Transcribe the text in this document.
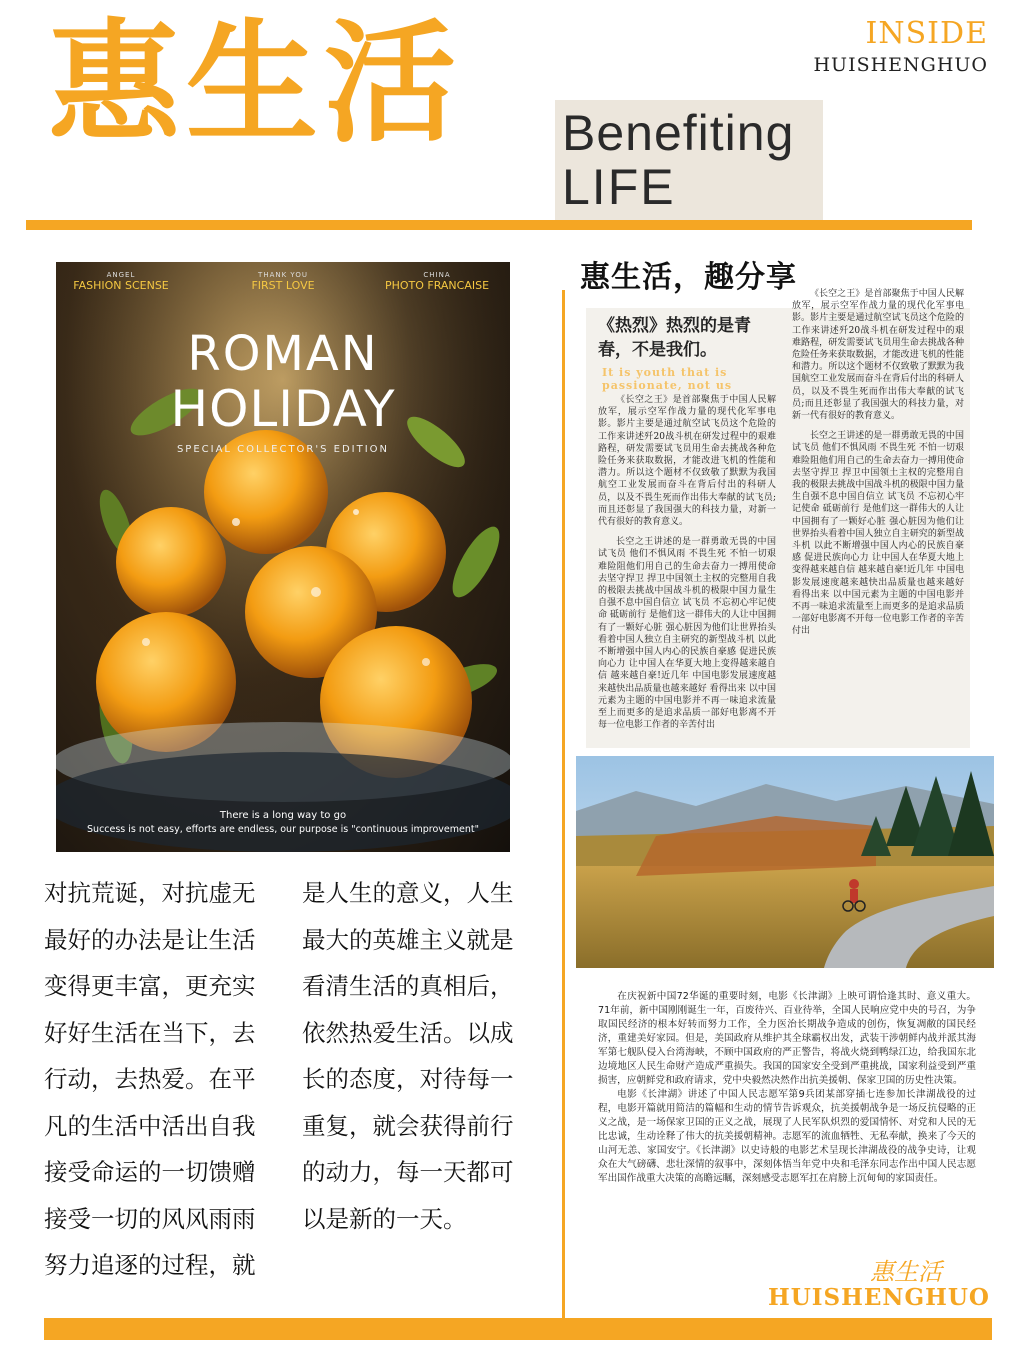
惠生活	INSIDE
HUISHENGHUO
Benefiting
LIFE
ANGEL
FASHION SCENSE
THANK YOU
FIRST LOVE
CHINA
PHOTO FRANCAISE
ROMAN
HOLIDAY
SPECIAL COLLECTOR'S EDITION
There is a long way to go
Success is not easy, efforts are endless, our purpose is "continuous improvement"

对抗荒诞，对抗虚无

最好的办法是让生活

变得更丰富，更充实

好好生活在当下，去

行动，去热爱。在平

凡的生活中活出自我

接受命运的一切馈赠

接受一切的风风雨雨

努力追逐的过程，就

是人生的意义，人生

最大的英雄主义就是

看清生活的真相后，

依然热爱生活。以成

长的态度，对待每一

重复，就会获得前行

的动力，每一天都可

以是新的一天。

惠生活，趣分享
《热烈》热烈的是青春，不是我们。
It is youth that is passionate, not us

《长空之王》是首部聚焦于中国人民解放军，展示空军作战力量的现代化军事电影。影片主要是通过航空试飞员这个危险的工作来讲述歼20战斗机在研发过程中的艰难路程，研发需要试飞员用生命去挑战各种危险任务来获取数据，才能改进飞机的性能和潜力。所以这个题材不仅致敬了默默为我国航空工业发展而奋斗在背后付出的科研人员，以及不畏生死而作出伟大奉献的试飞员;而且还彰显了我国强大的科技力量，对新一代有很好的教育意义。

长空之王讲述的是一群勇敢无畏的中国试飞员 他们不惧风雨 不畏生死 不怕一切艰难险阻他们用自己的生命去奋力一搏用使命去坚守捍卫 捍卫中国领土主权的完整用自我的极限去挑战中国战斗机的极限中国力量生自强不息中国自信立 试飞员 不忘初心牢记使命 砥砺前行 是他们这一群伟大的人让中国拥有了一颗好心脏 强心脏因为他们让世界抬头看着中国人独立自主研究的新型战斗机 以此不断增强中国人内心的民族自豪感 促进民族向心力 让中国人在华夏大地上变得越来越自信 越来越自豪!近几年 中国电影发展速度越来越快出品质量也越来越好 看得出来 以中国元素为主题的中国电影并不再一味追求流量至上而更多的是追求品质一部好电影离不开每一位电影工作者的辛苦付出

《长空之王》是首部聚焦于中国人民解放军，展示空军作战力量的现代化军事电影。影片主要是通过航空试飞员这个危险的工作来讲述歼20战斗机在研发过程中的艰难路程，研发需要试飞员用生命去挑战各种危险任务来获取数据，才能改进飞机的性能和潜力。所以这个题材不仅致敬了默默为我国航空工业发展而奋斗在背后付出的科研人员，以及不畏生死而作出伟大奉献的试飞员;而且还彰显了我国强大的科技力量，对新一代有很好的教育意义。

长空之王讲述的是一群勇敢无畏的中国试飞员 他们不惧风雨 不畏生死 不怕一切艰难险阻他们用自己的生命去奋力一搏用使命去坚守捍卫 捍卫中国领土主权的完整用自我的极限去挑战中国战斗机的极限中国力量生自强不息中国自信立 试飞员 不忘初心牢记使命 砥砺前行 是他们这一群伟大的人让中国拥有了一颗好心脏 强心脏因为他们让世界抬头看着中国人独立自主研究的新型战斗机 以此不断增强中国人内心的民族自豪感 促进民族向心力 让中国人在华夏大地上变得越来越自信 越来越自豪!近几年 中国电影发展速度越来越快出品质量也越来越好 看得出来 以中国元素为主题的中国电影并不再一味追求流量至上而更多的是追求品质一部好电影离不开每一位电影工作者的辛苦付出

在庆祝新中国72华诞的重要时刻，电影《长津湖》上映可谓恰逢其时、意义重大。71年前，新中国刚刚诞生一年，百废待兴、百业待举，全国人民响应党中央的号召，为争取国民经济的根本好转而努力工作，全力医治长期战争造成的创伤，恢复凋敝的国民经济，重建美好家园。但是，美国政府从维护其全球霸权出发，武装干涉朝鲜内战并派其海军第七舰队侵入台湾海峡，不顾中国政府的严正警告，将战火烧到鸭绿江边，给我国东北边境地区人民生命财产造成严重损失。我国的国家安全受到严重挑战，国家利益受到严重损害，应朝鲜党和政府请求，党中央毅然决然作出抗美援朝、保家卫国的历史性决策。

电影《长津湖》讲述了中国人民志愿军第9兵团某部穿插七连参加长津湖战役的过程，电影开篇就用简洁的篇幅和生动的情节告诉观众，抗美援朝战争是一场反抗侵略的正义之战，是一场保家卫国的正义之战，展现了人民军队炽烈的爱国情怀、对党和人民的无比忠诚，生动诠释了伟大的抗美援朝精神。志愿军的流血牺牲、无私奉献，换来了今天的山河无恙、家国安宁。《长津湖》以史诗般的电影艺术呈现长津湖战役的战争史诗，让观众在大气磅礴、悲壮深情的叙事中，深刻体悟当年党中央和毛泽东同志作出中国人民志愿军出国作战重大决策的高瞻远瞩，深刻感受志愿军扛在肩膀上沉甸甸的家国责任。

惠生活
HUISHENGHUO
